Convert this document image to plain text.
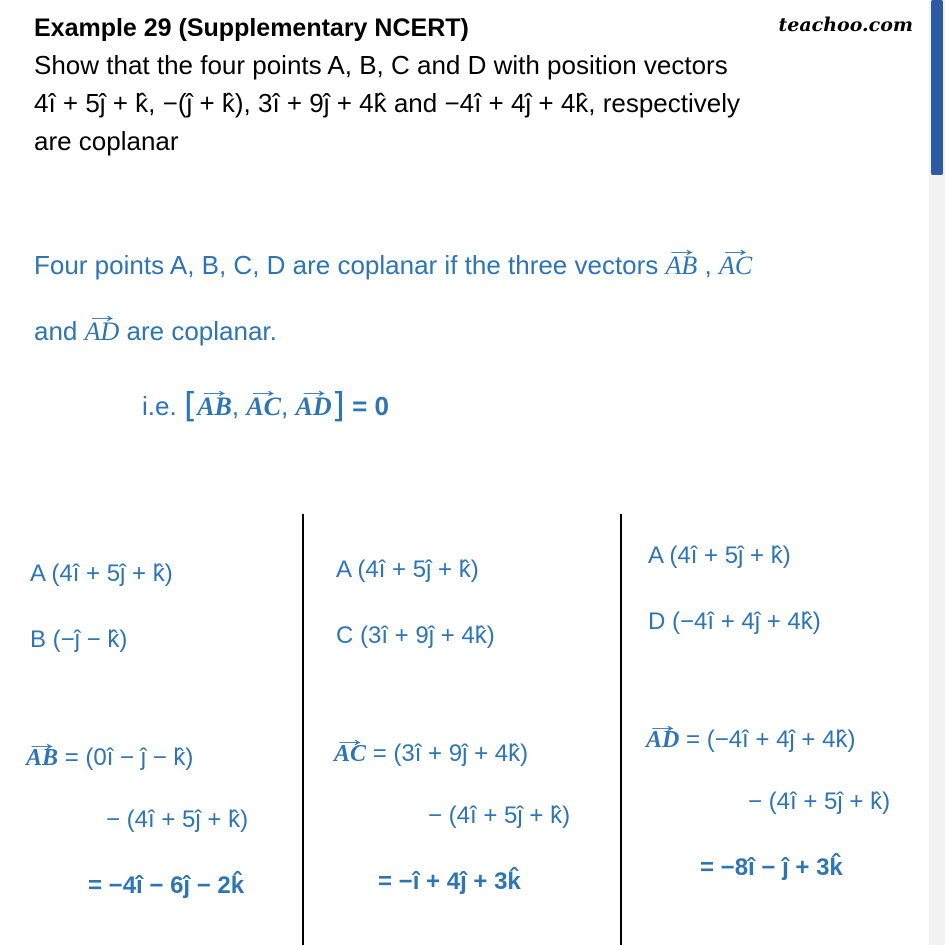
Example 29 (Supplementary NCERT)	teachoo.com
Show that the four points A, B, C and D with position vectors
4î + 5ĵ + k̂, −(ĵ + k̂), 3î + 9ĵ + 4k̂ and −4î + 4ĵ + 4k̂, respectively
are coplanar
Four points A, B, C, D are coplanar if the three vectors AB → , AC →
and AD → are coplanar.
i.e. [AB →, AC →, AD →] = 0
A (4î + 5ĵ + k̂)
B (−ĵ − k̂)
AB → = (0î − ĵ − k̂)
− (4î + 5ĵ + k̂)
= −4î − 6ĵ − 2k̂
A (4î + 5ĵ + k̂)
C (3î + 9ĵ + 4k̂)
AC → = (3î + 9ĵ + 4k̂)
− (4î + 5ĵ + k̂)
= −î + 4ĵ + 3k̂
A (4î + 5ĵ + k̂)
D (−4î + 4ĵ + 4k̂)
AD → = (−4î + 4ĵ + 4k̂)
− (4î + 5ĵ + k̂)
= −8î − ĵ + 3k̂
